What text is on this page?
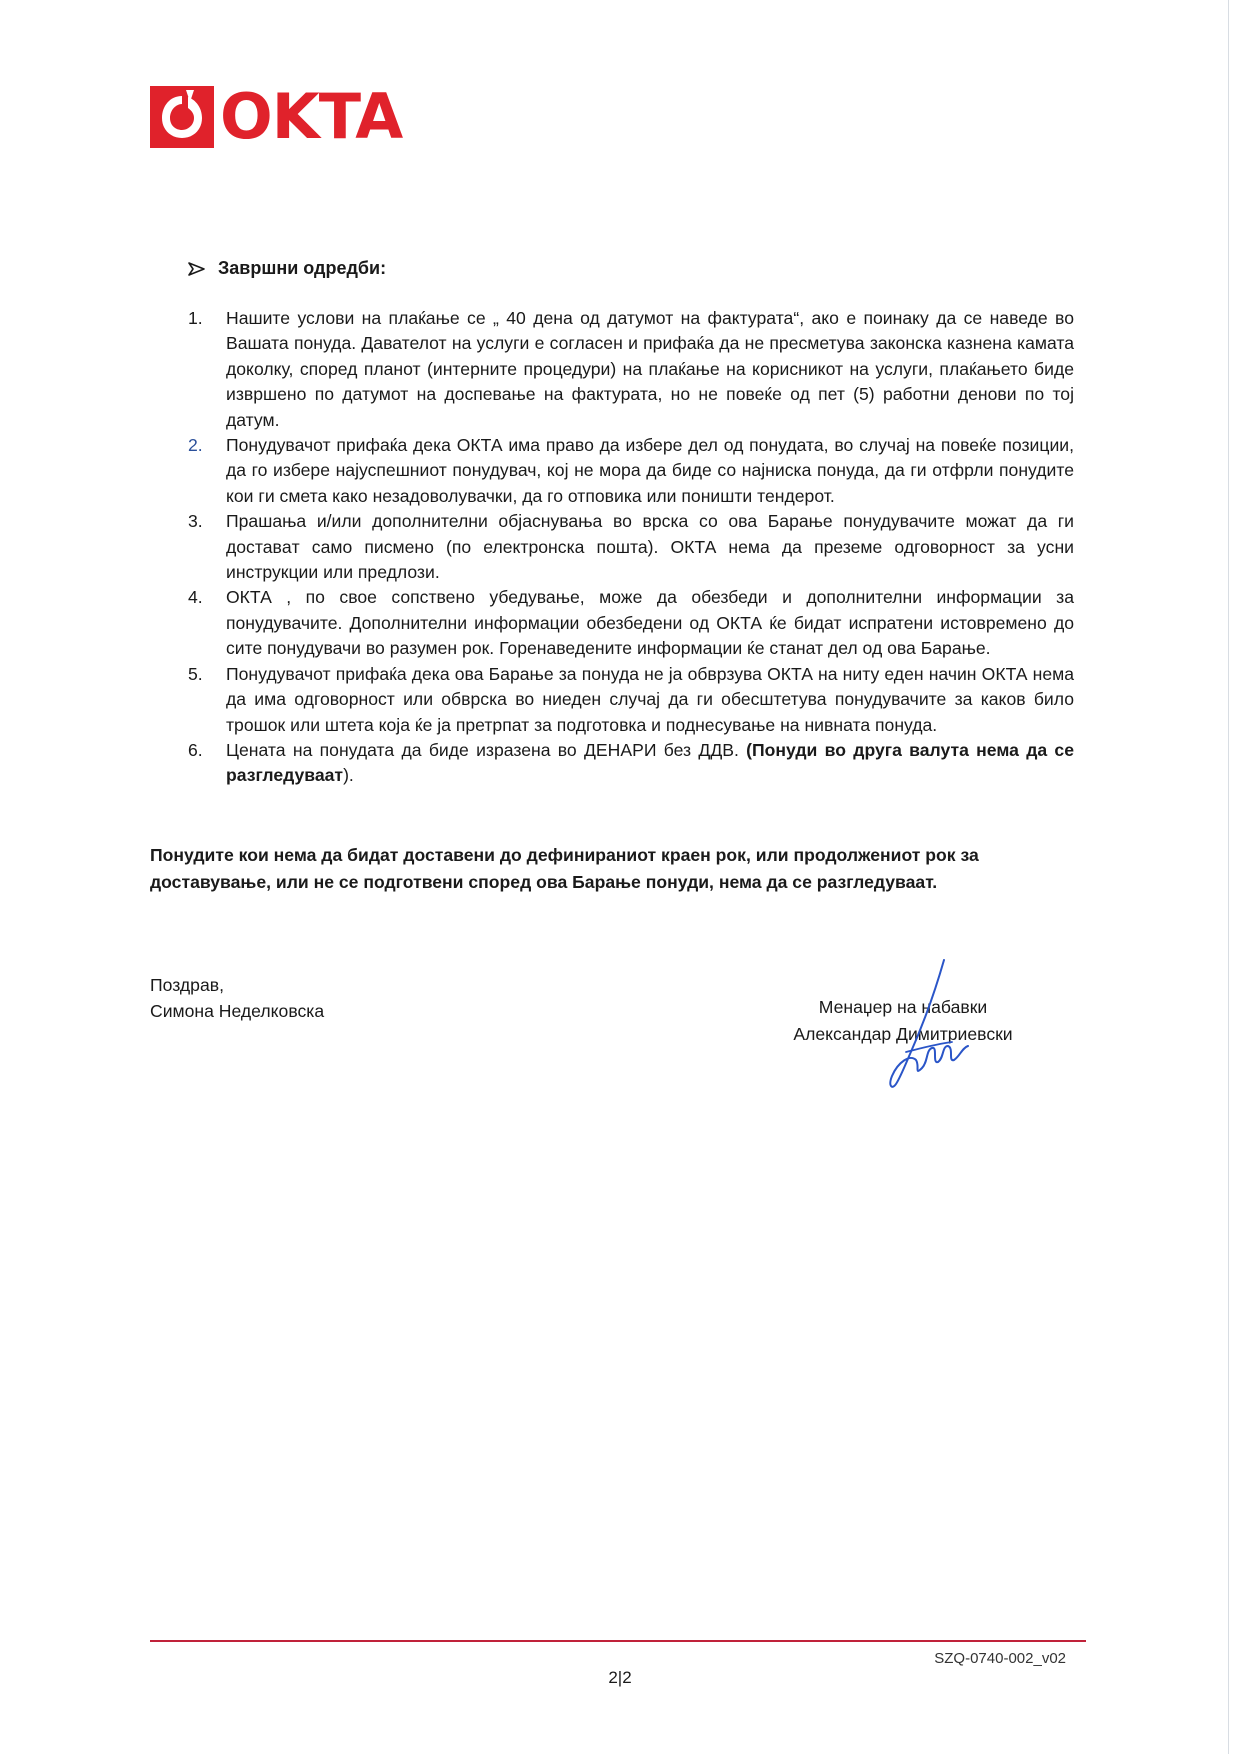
OKTA
Завршни одредби:
1.	Нашите услови на плаќање се „ 40 дена од датумот на фактурата“, ако е поинаку да се наведе во Вашата понуда. Давателот на услуги е согласен и прифаќа да не пресметува законска казнена камата доколку, според планот (интерните процедури) на плаќање на корисникот на услуги, плаќањето биде извршено по датумот на доспевање на фактурата, но не повеќе од пет (5) работни денови по тој датум.
2.	Понудувачот прифаќа дека ОКТА има право да избере дел од понудата, во случај на повеќе позиции, да го избере најуспешниот понудувач, кој не мора да биде со најниска понуда, да ги отфрли понудите кои ги смета како незадоволувачки, да го отповика или поништи тендерот.
3.	Прашања и/или дополнителни објаснувања во врска со ова Барање понудувачите можат да ги доставaт само писмено (по електронска пошта). ОКТА нема да преземе одговорност за усни инструкции или предлози.
4.	ОКТА , по свое сопствено убедување, може да обезбеди и дополнителни информации за понудувачите. Дополнителни информации обезбедени од ОКТА ќе бидат испратени истовремено до сите понудувачи во разумен рок. Горенаведените информации ќе станат дел од ова Барање.
5.	Понудувачот прифаќа дека ова Барање за понуда не ја обврзува ОКТА на ниту еден начин ОКТА нема да има одговорност или обврска во ниеден случај да ги обесштетува понудувачите за каков било трошок или штета која ќе ја претрпат за подготовка и поднесување на нивната понуда.
6.	Цената на понудата да биде изразена во ДЕНАРИ без ДДВ. (Понуди во друга валута нема да се разгледуваат).
Понудите кои нема да бидат доставени до дефинираниот краен рок, или продолжениот рок за доставување, или не се подготвени според ова Барање понуди, нема да се разгледуваат.
Поздрав,
Симона Неделковска	Менаџер на набавки
Александар Димитриевски
SZQ-0740-002_v02
2|2
